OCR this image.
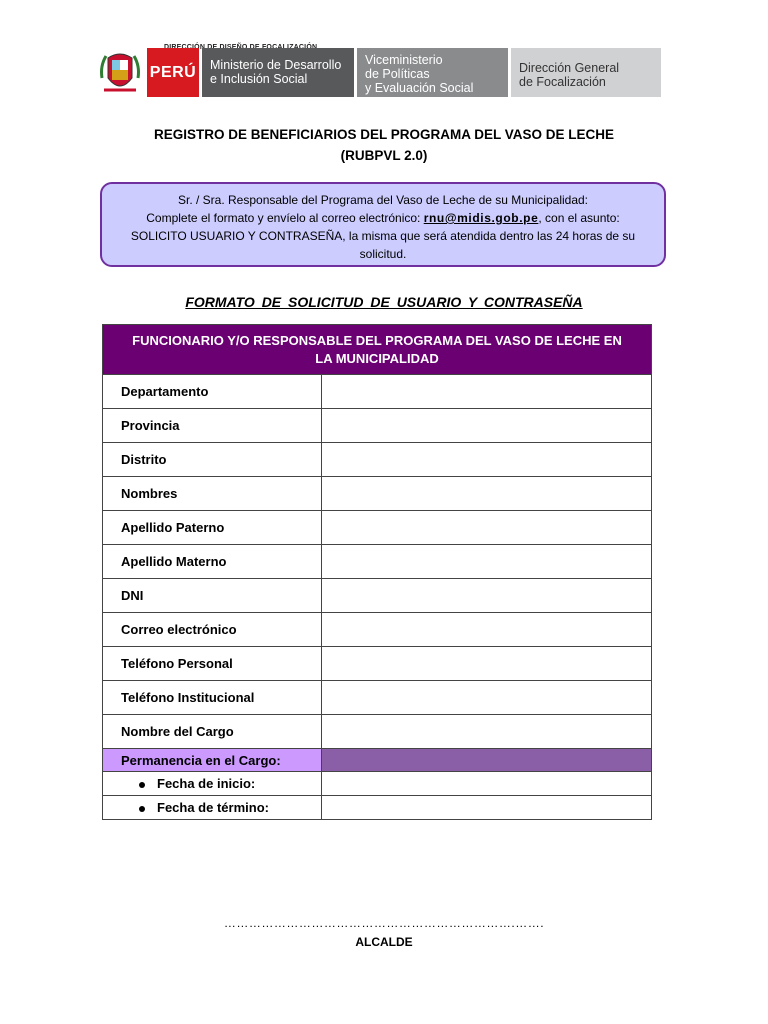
PERÚ Ministerio de Desarrollo
e Inclusión Social
Viceministerio
de Políticas
y Evaluación Social
Dirección General
de Focalización
REGISTRO DE BENEFICIARIOS DEL PROGRAMA DEL VASO DE LECHE
(RUBPVL 2.0)
Sr. / Sra. Responsable del Programa del Vaso de Leche de su Municipalidad:
Complete el formato y envíelo al correo electrónico: rnu@midis.gob.pe, con el asunto:
SOLICITO USUARIO Y CONTRASEÑA, la misma que será atendida dentro las 24 horas de su
solicitud.
FORMATO DE SOLICITUD DE USUARIO Y CONTRASEÑA
FUNCIONARIO Y/O RESPONSABLE DEL PROGRAMA DEL VASO DE LECHE EN LA MUNICIPALIDAD	
Departamento	
Provincia	
Distrito	
Nombres	
Apellido Paterno	
Apellido Materno	
DNI	
Correo electrónico	
Teléfono Personal	
Teléfono Institucional	
Nombre del Cargo	
Permanencia en el Cargo:	
Fecha de inicio:	
Fecha de término:	
…………………………………………………………….…….
ALCALDE
